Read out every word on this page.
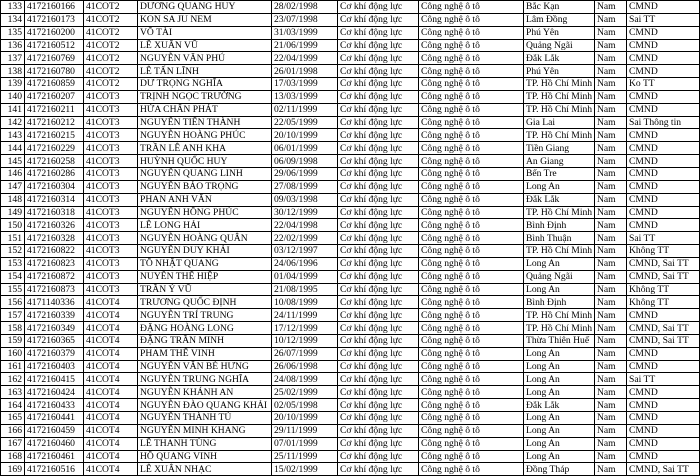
133	4172160166	41COT2	DƯƠNG QUANG HUY	28/02/1998	Cơ khí động lực	Công nghệ ô tô	Bắc Kạn	Nam	CMND
134	4172160173	41COT2	KON SA JU NEM	23/07/1998	Cơ khí động lực	Công nghệ ô tô	Lâm Đồng	Nam	Sai TT
135	4172160200	41COT2	VÕ TÀI	31/03/1999	Cơ khí động lực	Công nghệ ô tô	Phú Yên	Nam	CMND
136	4172160512	41COT2	LÊ XUÂN VŨ	21/06/1999	Cơ khí động lực	Công nghệ ô tô	Quảng Ngãi	Nam	CMND
137	4172160769	41COT2	NGUYỄN VĂN PHÚ	22/04/1999	Cơ khí động lực	Công nghệ ô tô	Đắk Lắk	Nam	CMND
138	4172160780	41COT2	LÊ TẤN LĨNH	26/01/1998	Cơ khí động lực	Công nghệ ô tô	Phú Yên	Nam	CMND
139	4172160859	41COT2	DƯ TRỌNG NGHĨA	17/03/1999	Cơ khí động lực	Công nghệ ô tô	TP. Hồ Chí Minh	Nam	Ko TT
140	4172160207	41COT3	TRỊNH NGỌC TRƯỜNG	13/03/1999	Cơ khí động lực	Công nghệ ô tô	TP. Hồ Chí Minh	Nam	CMND
141	4172160211	41COT3	HỨA CHẤN PHÁT	02/11/1999	Cơ khí động lực	Công nghệ ô tô	TP. Hồ Chí Minh	Nam	CMND
142	4172160212	41COT3	NGUYỄN TIẾN THÀNH	22/05/1999	Cơ khí động lực	Công nghệ ô tô	Gia Lai	Nam	Sai Thông tin
143	4172160215	41COT3	NGUYỄN HOÀNG PHÚC	20/10/1999	Cơ khí động lực	Công nghệ ô tô	TP. Hồ Chí Minh	Nam	CMND
144	4172160229	41COT3	TRẦN LÊ ANH KHA	06/01/1999	Cơ khí động lực	Công nghệ ô tô	Tiền Giang	Nam	CMND
145	4172160258	41COT3	HUỲNH QUỐC HUY	06/09/1998	Cơ khí động lực	Công nghệ ô tô	An Giang	Nam	CMND
146	4172160286	41COT3	NGUYỄN QUANG LINH	29/06/1999	Cơ khí động lực	Công nghệ ô tô	Bến Tre	Nam	CMND
147	4172160304	41COT3	NGUYỄN BẢO TRỌNG	27/08/1999	Cơ khí động lực	Công nghệ ô tô	Long An	Nam	CMND
148	4172160314	41COT3	PHAN ANH VĂN	09/03/1998	Cơ khí động lực	Công nghệ ô tô	Đắk Lắk	Nam	CMND
149	4172160318	41COT3	NGUYỄN HỒNG PHÚC	30/12/1999	Cơ khí động lực	Công nghệ ô tô	TP. Hồ Chí Minh	Nam	CMND
150	4172160326	41COT3	LÊ LONG HẢI	22/04/1998	Cơ khí động lực	Công nghệ ô tô	Bình Định	Nam	CMND
151	4172160328	41COT3	NGUYỄN HOÀNG QUÂN	22/02/1999	Cơ khí động lực	Công nghệ ô tô	Bình Thuận	Nam	Sai TT
152	4172160822	41COT3	NGUYỄN DUY KHẢI	03/12/1997	Cơ khí động lực	Công nghệ ô tô	TP. Hồ Chí Minh	Nam	Không TT
153	4172160823	41COT3	TÔ NHẬT QUANG	24/06/1996	Cơ khí động lực	Công nghệ ô tô	Long An	Nam	CMND, Sai TT
154	4172160872	41COT3	NUYỄN THẾ HIỆP	01/04/1999	Cơ khí động lực	Công nghệ ô tô	Quảng Ngãi	Nam	CMND, Sai TT
155	4172160873	41COT3	TRẦN Ý VŨ	21/08/1995	Cơ khí động lực	Công nghệ ô tô	Long An	Nam	Không TT
156	4171140336	41COT4	TRƯƠNG QUỐC ĐỊNH	10/08/1999	Cơ khí động lực	Công nghệ ô tô	Bình Định	Nam	Không TT
157	4172160339	41COT4	NGUYỄN TRÍ TRUNG	24/11/1999	Cơ khí động lực	Công nghệ ô tô	TP. Hồ Chí Minh	Nam	CMND
158	4172160349	41COT4	ĐẶNG HOÀNG LONG	17/12/1999	Cơ khí động lực	Công nghệ ô tô	TP. Hồ Chí Minh	Nam	CMND, Sai TT
159	4172160365	41COT4	ĐẶNG TRẦN MINH	10/12/1999	Cơ khí động lực	Công nghệ ô tô	Thừa Thiên Huế	Nam	CMND, Sai TT
160	4172160379	41COT4	PHAM THẾ VINH	26/07/1999	Cơ khí động lực	Công nghệ ô tô	Long An	Nam	CMND
161	4172160403	41COT4	NGUYỄN VĂN BÉ HƯNG	26/06/1998	Cơ khí động lực	Công nghệ ô tô	Long An	Nam	CMND
162	4172160415	41COT4	NGUYỄN TRUNG NGHĨA	24/08/1999	Cơ khí động lực	Công nghệ ô tô	Long An	Nam	Sai TT
163	4172160424	41COT4	NGUYỄN KHÁNH AN	25/02/1999	Cơ khí động lực	Công nghệ ô tô	Long An	Nam	CMND
164	4172160433	41COT4	NGUYỄN ĐÀO QUANG KHẢI	02/05/1998	Cơ khí động lực	Công nghệ ô tô	Đắk Lắk	Nam	CMND
165	4172160441	41COT4	NGUYỄN THÀNH TÚ	20/10/1999	Cơ khí động lực	Công nghệ ô tô	Long An	Nam	CMND
166	4172160459	41COT4	NGUYỄN MINH KHANG	29/11/1999	Cơ khí động lực	Công nghệ ô tô	Long An	Nam	CMND
167	4172160460	41COT4	LÊ THANH TÙNG	07/01/1999	Cơ khí động lực	Công nghệ ô tô	Long An	Nam	CMND
168	4172160461	41COT4	HỒ QUANG VINH	25/11/1999	Cơ khí động lực	Công nghệ ô tô	Long An	Nam	CMND
169	4172160516	41COT4	LÊ XUÂN NHẠC	15/02/1999	Cơ khí động lực	Công nghệ ô tô	Đồng Tháp	Nam	CMND, Sai TT
